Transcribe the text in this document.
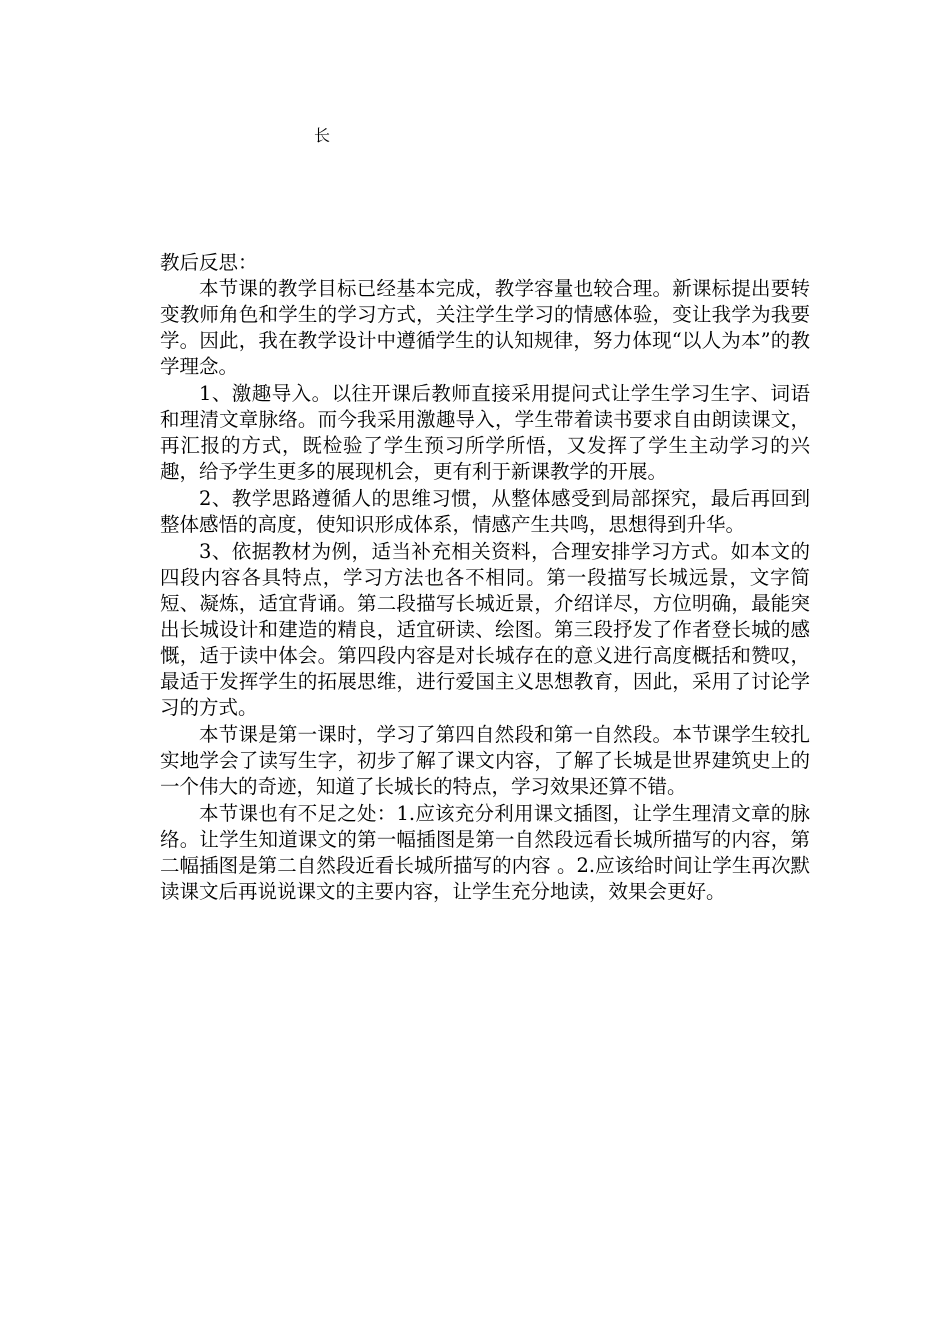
长

教后反思：

本节课的教学目标已经基本完成，教学容量也较合理。新课标提出要转变教师角色和学生的学习方式，关注学生学习的情感体验，变让我学为我要学。因此，我在教学设计中遵循学生的认知规律，努力体现“以人为本”的教学理念。

1、激趣导入。以往开课后教师直接采用提问式让学生学习生字、词语和理清文章脉络。而今我采用激趣导入，学生带着读书要求自由朗读课文，再汇报的方式，既检验了学生预习所学所悟，又发挥了学生主动学习的兴趣，给予学生更多的展现机会，更有利于新课教学的开展。

2、教学思路遵循人的思维习惯，从整体感受到局部探究，最后再回到整体感悟的高度，使知识形成体系，情感产生共鸣，思想得到升华。

3、依据教材为例，适当补充相关资料，合理安排学习方式。如本文的四段内容各具特点，学习方法也各不相同。第一段描写长城远景，文字简短、凝炼，适宜背诵。第二段描写长城近景，介绍详尽，方位明确，最能突出长城设计和建造的精良，适宜研读、绘图。第三段抒发了作者登长城的感慨，适于读中体会。第四段内容是对长城存在的意义进行高度概括和赞叹，最适于发挥学生的拓展思维，进行爱国主义思想教育，因此，采用了讨论学习的方式。

本节课是第一课时，学习了第四自然段和第一自然段。本节课学生较扎实地学会了读写生字，初步了解了课文内容，了解了长城是世界建筑史上的一个伟大的奇迹，知道了长城长的特点，学习效果还算不错。

本节课也有不足之处：1.应该充分利用课文插图，让学生理清文章的脉络。让学生知道课文的第一幅插图是第一自然段远看长城所描写的内容，第二幅插图是第二自然段近看长城所描写的内容 。2.应该给时间让学生再次默读课文后再说说课文的主要内容，让学生充分地读，效果会更好。
